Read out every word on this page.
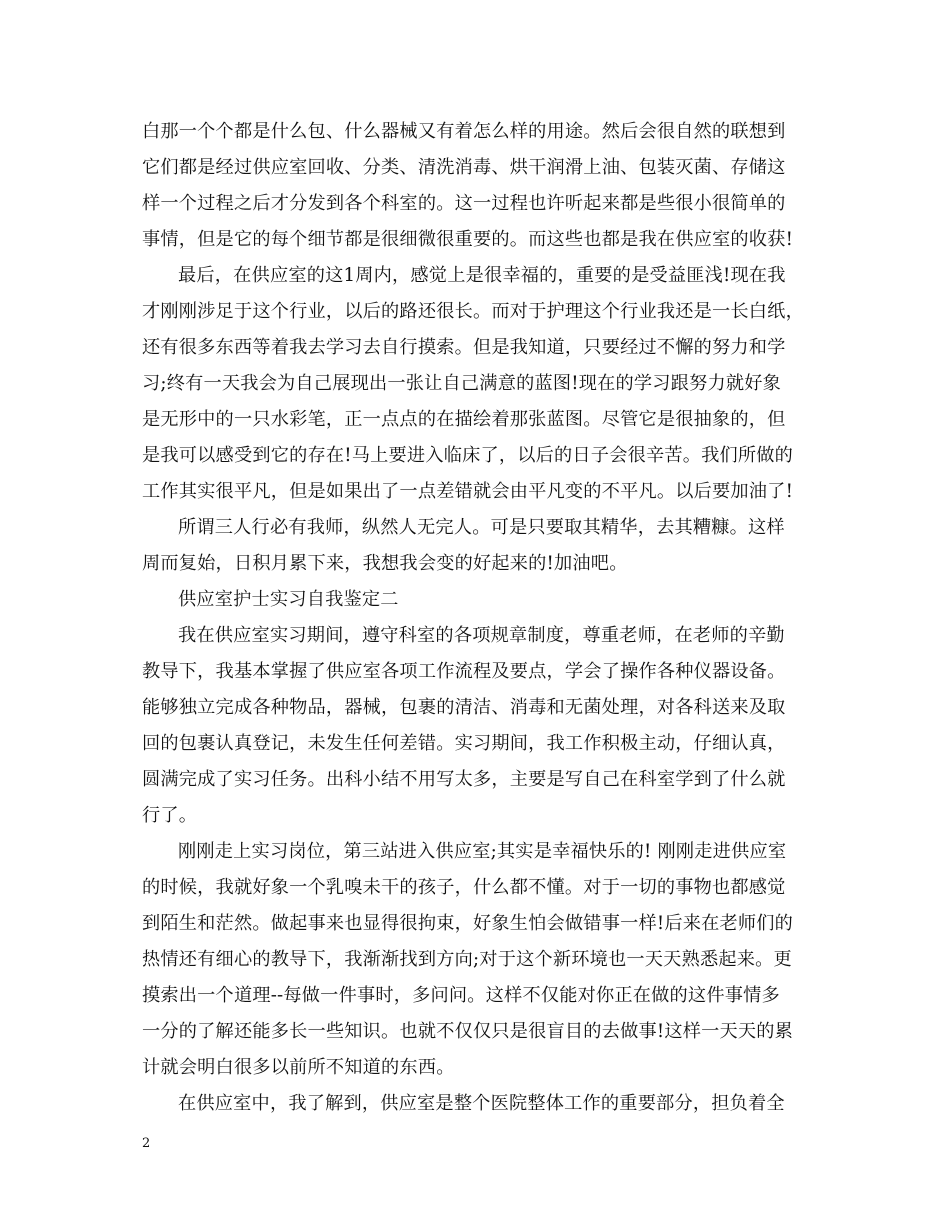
白那一个个都是什么包、什么器械又有着怎么样的用途。然后会很自然的联想到

它们都是经过供应室回收、分类、清洗消毒、烘干润滑上油、包装灭菌、存储这

样一个过程之后才分发到各个科室的。这一过程也许听起来都是些很小很简单的

事情，但是它的每个细节都是很细微很重要的。而这些也都是我在供应室的收获!

最后，在供应室的这1周内，感觉上是很幸福的，重要的是受益匪浅!现在我

才刚刚涉足于这个行业，以后的路还很长。而对于护理这个行业我还是一长白纸，

还有很多东西等着我去学习去自行摸索。但是我知道，只要经过不懈的努力和学

习;终有一天我会为自己展现出一张让自己满意的蓝图!现在的学习跟努力就好象

是无形中的一只水彩笔，正一点点的在描绘着那张蓝图。尽管它是很抽象的，但

是我可以感受到它的存在!马上要进入临床了，以后的日子会很辛苦。我们所做的

工作其实很平凡，但是如果出了一点差错就会由平凡变的不平凡。以后要加油了!

所谓三人行必有我师，纵然人无完人。可是只要取其精华，去其糟糠。这样

周而复始，日积月累下来，我想我会变的好起来的!加油吧。

供应室护士实习自我鉴定二

我在供应室实习期间，遵守科室的各项规章制度，尊重老师，在老师的辛勤

教导下，我基本掌握了供应室各项工作流程及要点，学会了操作各种仪器设备。

能够独立完成各种物品，器械，包裹的清洁、消毒和无菌处理，对各科送来及取

回的包裹认真登记，未发生任何差错。实习期间，我工作积极主动，仔细认真，

圆满完成了实习任务。出科小结不用写太多，主要是写自己在科室学到了什么就

行了。

刚刚走上实习岗位，第三站进入供应室;其实是幸福快乐的! 刚刚走进供应室

的时候，我就好象一个乳嗅未干的孩子，什么都不懂。对于一切的事物也都感觉

到陌生和茫然。做起事来也显得很拘束，好象生怕会做错事一样!后来在老师们的

热情还有细心的教导下，我渐渐找到方向;对于这个新环境也一天天熟悉起来。更

摸索出一个道理--每做一件事时，多问问。这样不仅能对你正在做的这件事情多

一分的了解还能多长一些知识。也就不仅仅只是很盲目的去做事!这样一天天的累

计就会明白很多以前所不知道的东西。

在供应室中，我了解到，供应室是整个医院整体工作的重要部分，担负着全

2
